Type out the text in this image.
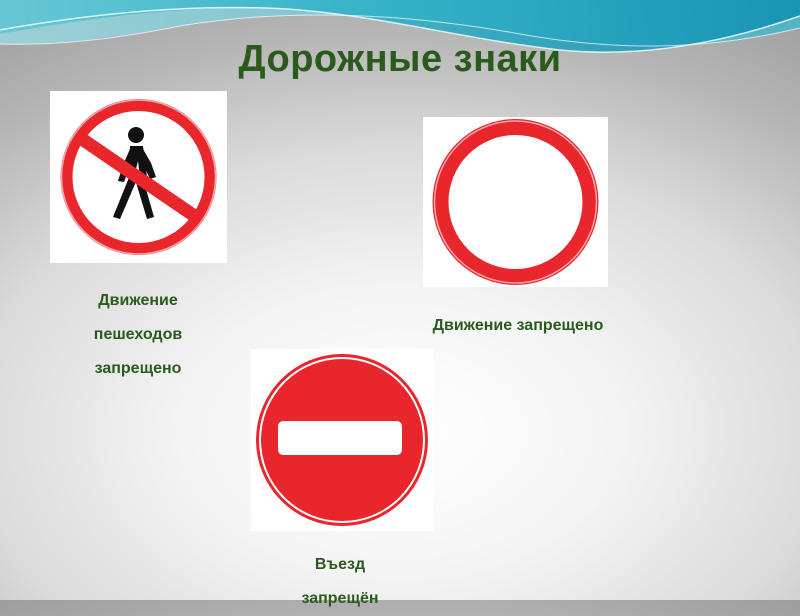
Дорожные знаки
Движение
пешеходов
запрещено
Движение запрещено
Въезд
запрещён
